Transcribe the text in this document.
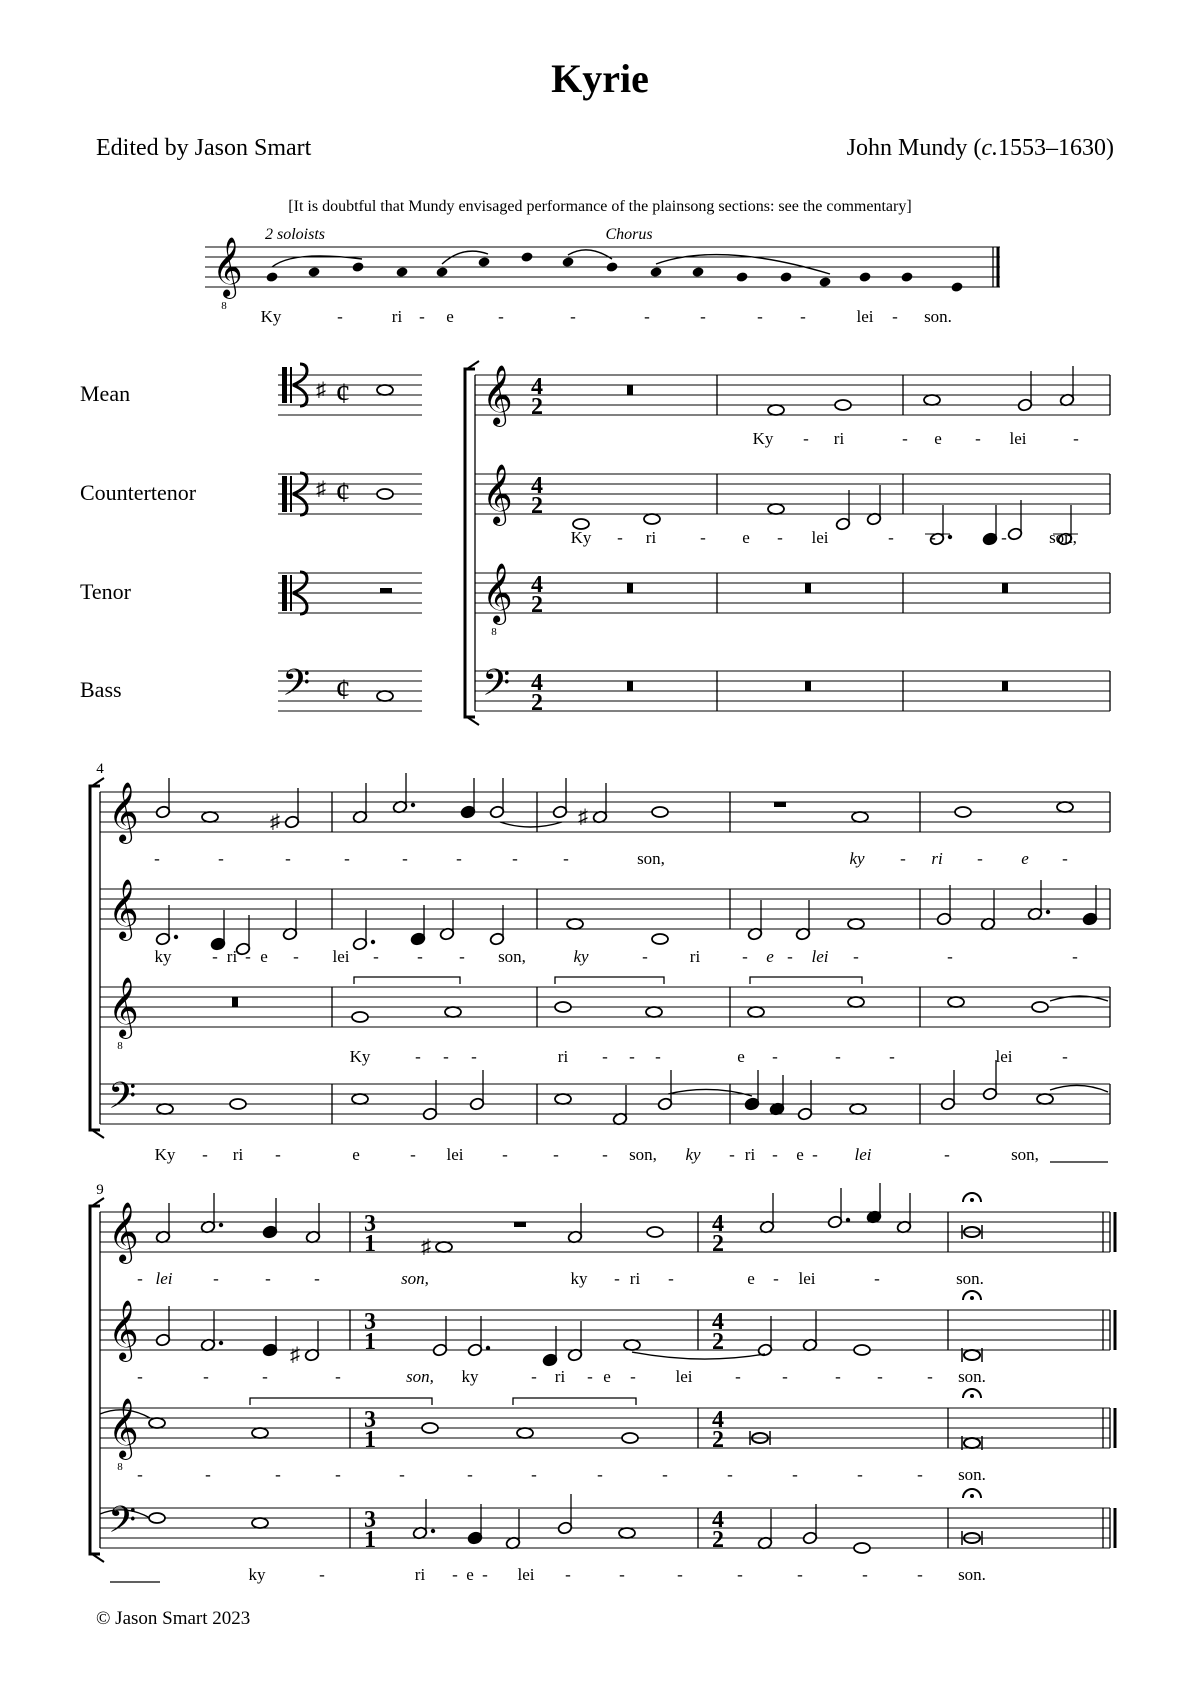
Kyrie
Edited by Jason Smart	John Mundy (c.1553–1630)
[It is doubtful that Mundy envisaged performance of the plainsong sections: see the commentary]
© Jason Smart 2023
𝄞
8
2 soloists	Chorus
Ky	-	ri - e	-	-	-	-	- -	lei - son.
Mean
Countertenor
Tenor
Bass
♯ ¢
♯ ¢
𝄢 ¢
𝄞 4
2
𝄞 4
2
𝄞
8
4
2
𝄢 4
2
Ky - ri	- e - lei	-
Ky - ri	- e - lei	- -	- son,
𝄞
𝄞
𝄞
8
𝄢
4
♯	♯
ky - ri - e - lei - - - son,	ky	- ri - e - lei -	-	-
Ky	- - -	ri - - -	e -	-	-	lei	-
Ky - ri -	e	- lei -	-	- son, ky - ri - e - lei	-	son,
-	-	-	-	-	-	-	-	son,	ky - ri - e -
𝄞
𝄞
𝄞
8
𝄢
9
3
1
4
2
3
1
4
2
3
1
4
2
3
1
4
2
♯
- lei -	-	-	son,	ky - ri -	e - lei	-	son.
♯
-	-	-	-	son, ky	- ri - e - lei	- -	- -	- son.
-	-	-	-	-	-	-	-	-	-	-	-	- son.
ky	-	ri - e - lei -	-	-	-	-	-	- son.
